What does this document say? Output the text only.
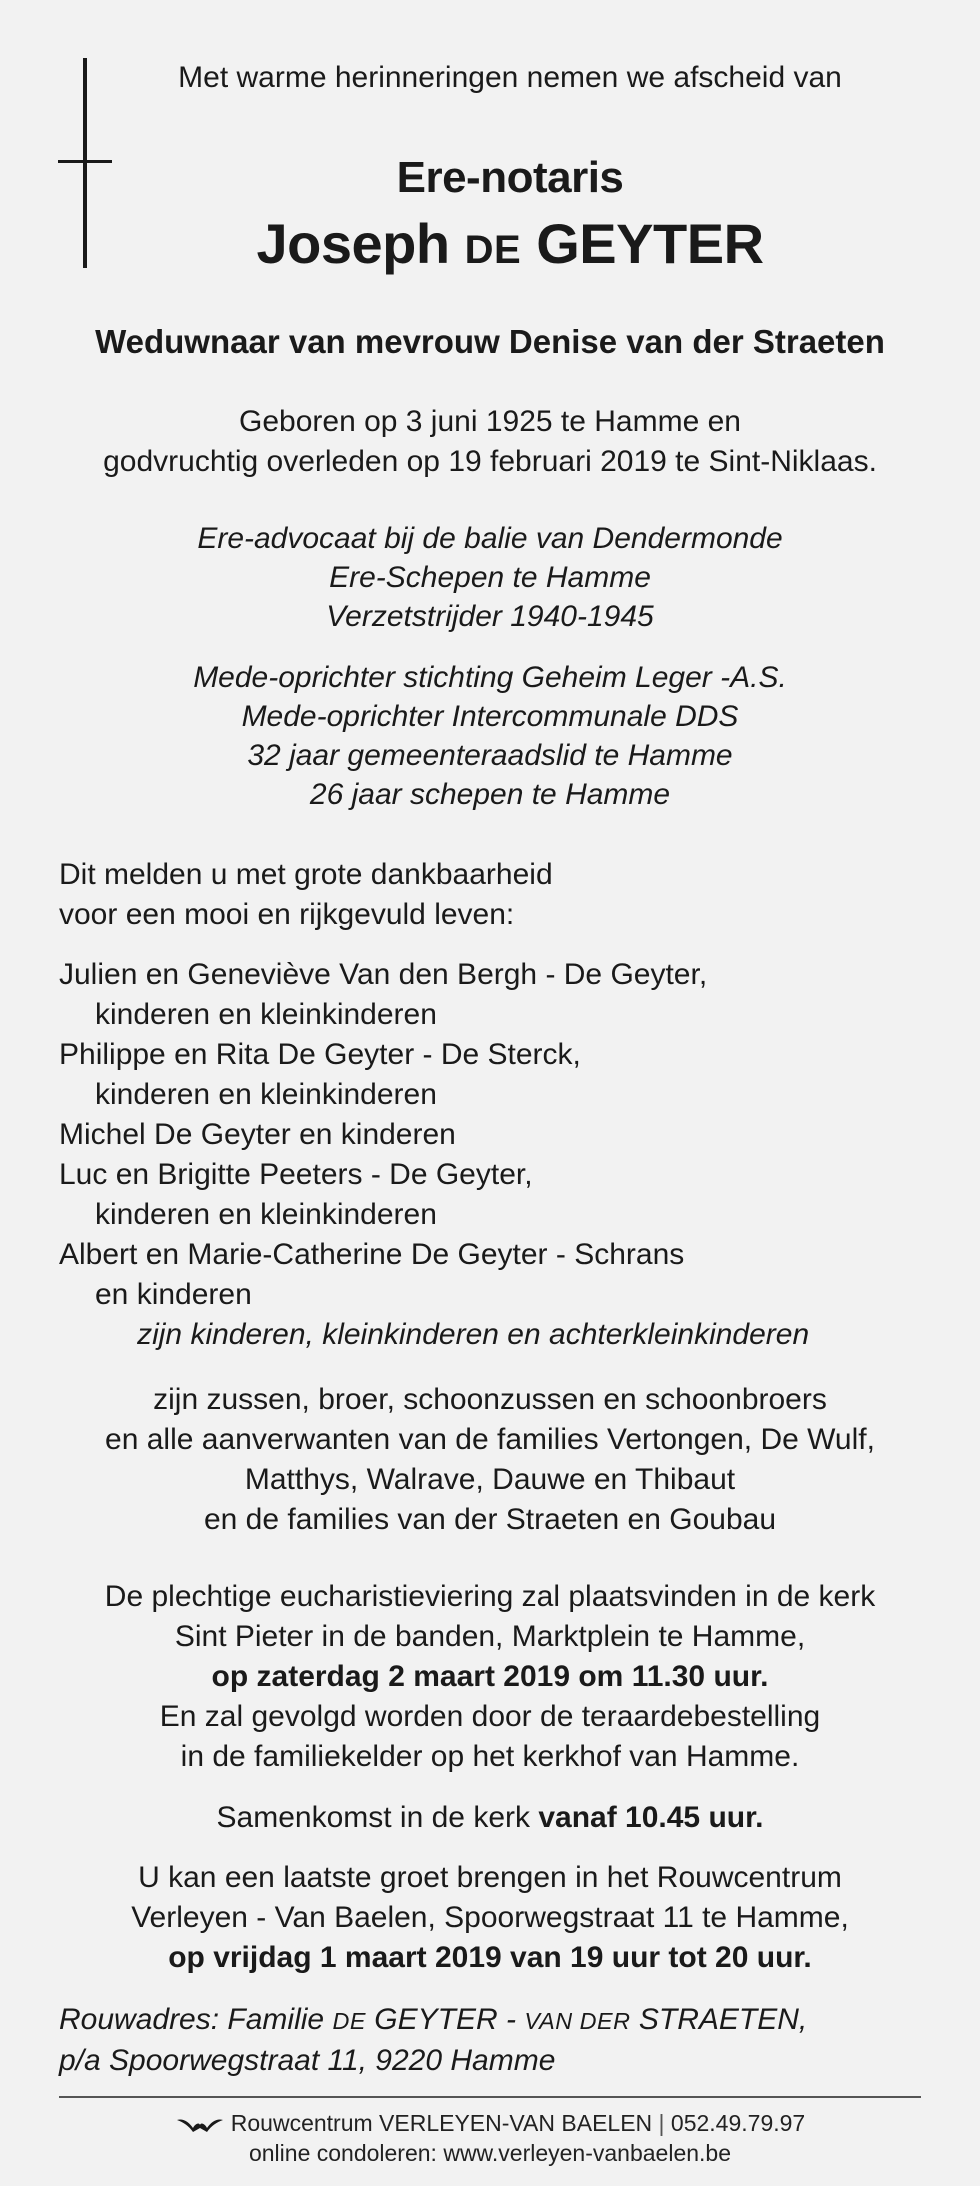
Met warme herinneringen nemen we afscheid van
Ere-notaris
Joseph DE GEYTER
Weduwnaar van mevrouw Denise van der Straeten
Geboren op 3 juni 1925 te Hamme en
godvruchtig overleden op 19 februari 2019 te Sint-Niklaas.
Ere-advocaat bij de balie van Dendermonde
Ere-Schepen te Hamme
Verzetstrijder 1940-1945
Mede-oprichter stichting Geheim Leger -A.S.
Mede-oprichter Intercommunale DDS
32 jaar gemeenteraadslid te Hamme
26 jaar schepen te Hamme
Dit melden u met grote dankbaarheid
voor een mooi en rijkgevuld leven:
Julien en Geneviève Van den Bergh - De Geyter,
kinderen en kleinkinderen
Philippe en Rita De Geyter - De Sterck,
kinderen en kleinkinderen
Michel De Geyter en kinderen
Luc en Brigitte Peeters - De Geyter,
kinderen en kleinkinderen
Albert en Marie-Catherine De Geyter - Schrans
en kinderen
zijn kinderen, kleinkinderen en achterkleinkinderen
zijn zussen, broer, schoonzussen en schoonbroers
en alle aanverwanten van de families Vertongen, De Wulf,
Matthys, Walrave, Dauwe en Thibaut
en de families van der Straeten en Goubau
De plechtige eucharistieviering zal plaatsvinden in de kerk
Sint Pieter in de banden, Marktplein te Hamme,
op zaterdag 2 maart 2019 om 11.30 uur.
En zal gevolgd worden door de teraardebestelling
in de familiekelder op het kerkhof van Hamme.
Samenkomst in de kerk vanaf 10.45 uur.
U kan een laatste groet brengen in het Rouwcentrum
Verleyen - Van Baelen, Spoorwegstraat 11 te Hamme,
op vrijdag 1 maart 2019 van 19 uur tot 20 uur.
Rouwadres: Familie DE GEYTER - VAN DER STRAETEN,
p/a Spoorwegstraat 11, 9220 Hamme
Rouwcentrum VERLEYEN-VAN BAELEN | 052.49.79.97
online condoleren: www.verleyen-vanbaelen.be
